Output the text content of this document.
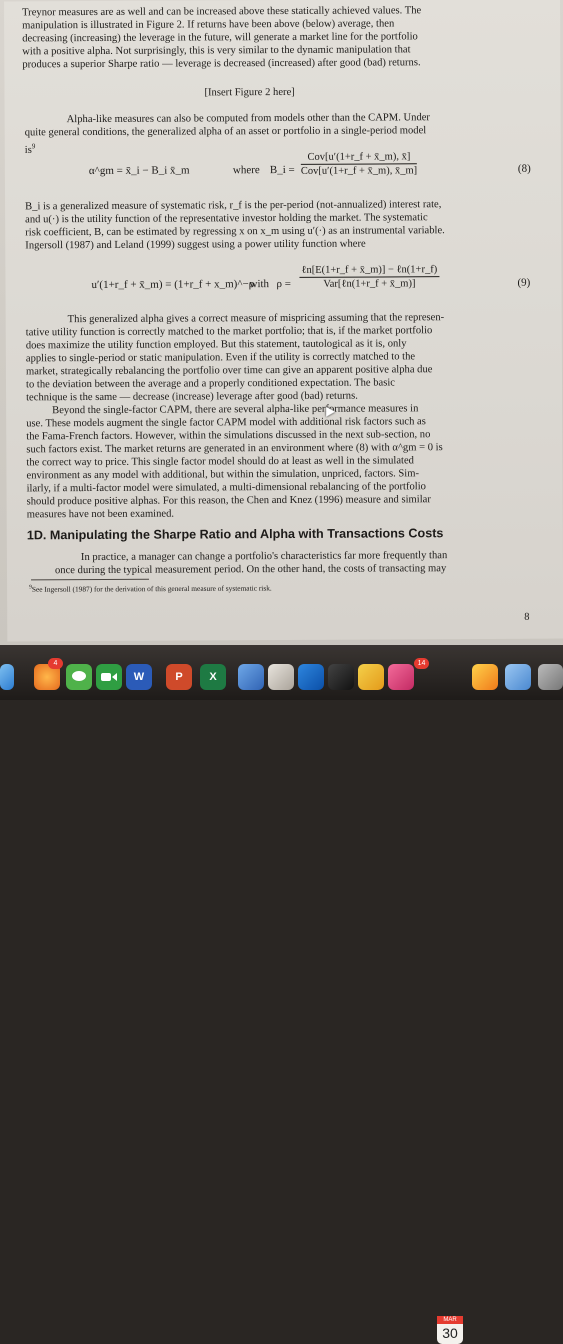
Treynor measures are as well and can be increased above these statically achieved values. The

manipulation is illustrated in Figure 2. If returns have been above (below) average, then

decreasing (increasing) the leverage in the future, will generate a market line for the portfolio

with a positive alpha. Not surprisingly, this is very similar to the dynamic manipulation that

produces a superior Sharpe ratio — leverage is decreased (increased) after good (bad) returns.

[Insert Figure 2 here]

Alpha-like measures can also be computed from models other than the CAPM. Under

quite general conditions, the generalized alpha of an asset or portfolio in a single-period model

$is^9$

α^gm = x̄_i − B_i x̄_m	where B_i =
Cov[u′(1+r_f + x̄_m), x̄]
Cov[u′(1+r_f + x̄_m), x̄_m]	(8)

B_i is a generalized measure of systematic risk, r_f is the per-period (not-annualized) interest rate,

and u(·) is the utility function of the representative investor holding the market. The systematic

risk coefficient, B, can be estimated by regressing x on x_m using u′(·) as an instrumental variable.

Ingersoll (1987) and Leland (1999) suggest using a power utility function where

u′(1+r_f + x̄_m) = (1+r_f + x_m)^−ρ
with ρ =
ℓn[E(1+r_f + x̄_m)] − ℓn(1+r_f)
Var[ℓn(1+r_f + x̄_m)]	(9)

This generalized alpha gives a correct measure of mispricing assuming that the represen-

tative utility function is correctly matched to the market portfolio; that is, if the market portfolio

does maximize the utility function employed. But this statement, tautological as it is, only

applies to single-period or static manipulation. Even if the utility is correctly matched to the

market, strategically rebalancing the portfolio over time can give an apparent positive alpha due

to the deviation between the average and a properly conditioned expectation. The basic

technique is the same — decrease (increase) leverage after good (bad) returns.

Beyond the single-factor CAPM, there are several alpha-like performance measures in

use. These models augment the single factor CAPM model with additional risk factors such as

the Fama-French factors. However, within the simulations discussed in the next sub-section, no

such factors exist. The market returns are generated in an environment where (8) with α^gm = 0 is

the correct way to price. This single factor model should do at least as well in the simulated

environment as any model with additional, but within the simulation, unpriced, factors. Sim-

ilarly, if a multi-factor model were simulated, a multi-dimensional rebalancing of the portfolio

should produce positive alphas. For this reason, the Chen and Knez (1996) measure and similar

measures have not been examined.

1D. Manipulating the Sharpe Ratio and Alpha with Transactions Costs

In practice, a manager can change a portfolio's characteristics far more frequently than

once during the typical measurement period. On the other hand, the costs of transacting may

$^9$See Ingersoll (1987) for the derivation of this general measure of systematic risk.
8
4
W	P X
14
MAR
30
